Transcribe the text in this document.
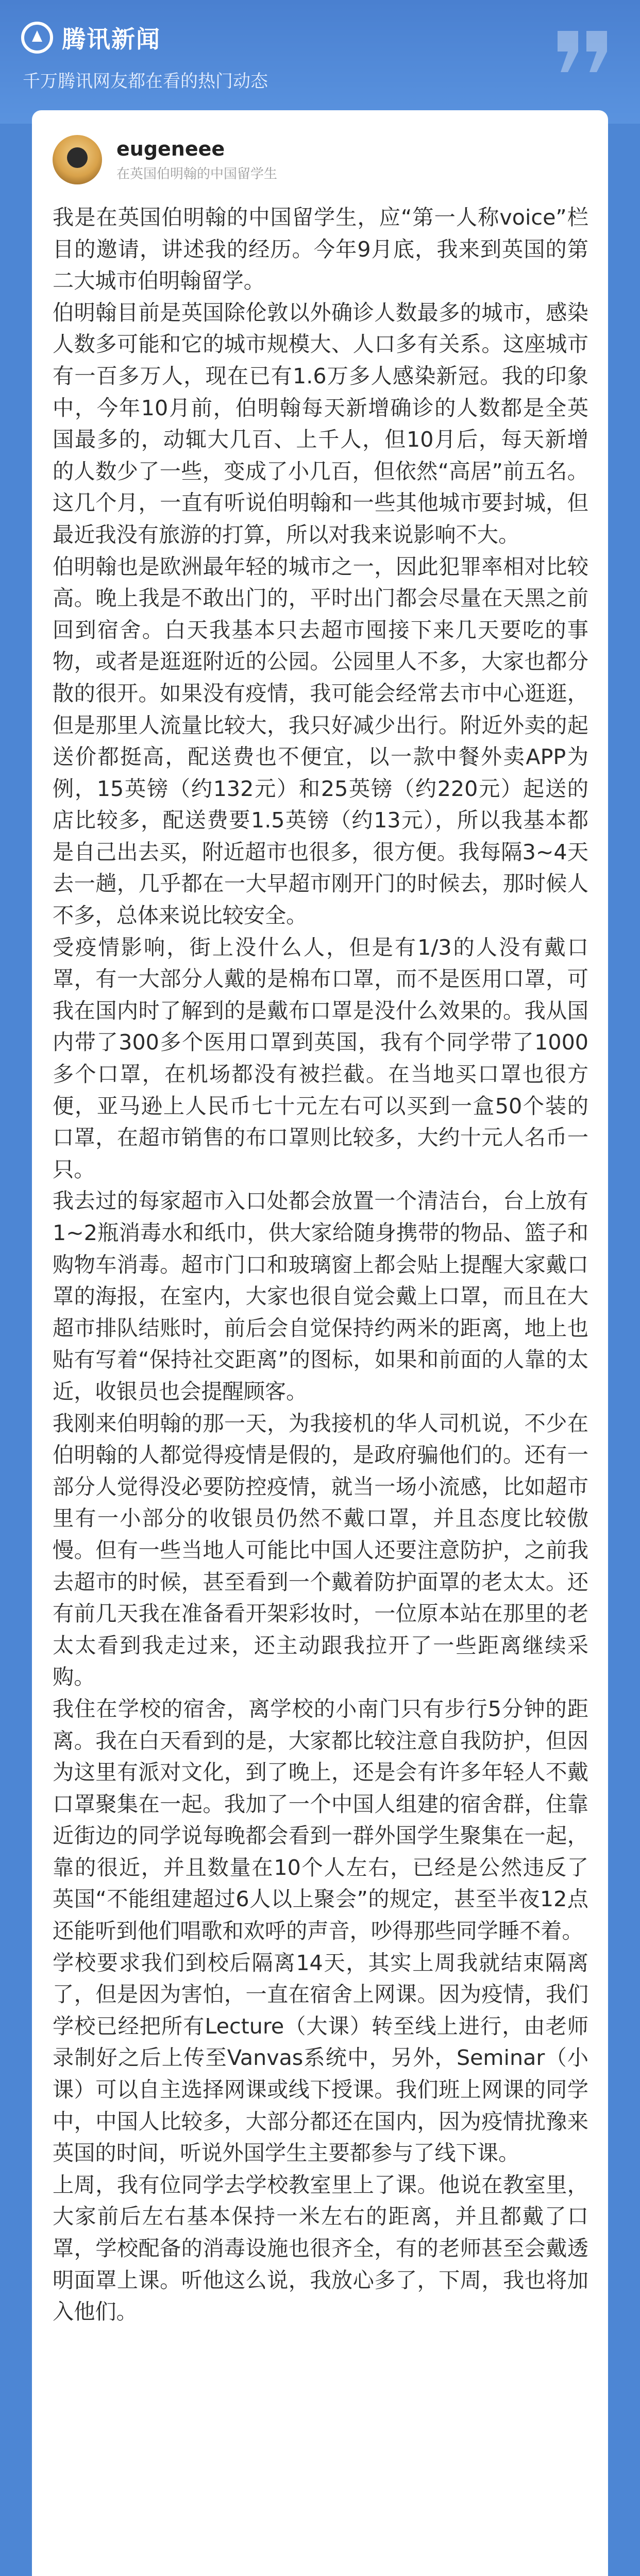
腾讯新闻
千万腾讯网友都在看的热门动态
eugeneee
在英国伯明翰的中国留学生

我是在英国伯明翰的中国留学生，应“第一人称voice”栏目的邀请，讲述我的经历。今年9月底，我来到英国的第二大城市伯明翰留学。

伯明翰目前是英国除伦敦以外确诊人数最多的城市，感染人数多可能和它的城市规模大、人口多有关系。这座城市有一百多万人，现在已有1.6万多人感染新冠。我的印象中，今年10月前，伯明翰每天新增确诊的人数都是全英国最多的，动辄大几百、上千人，但10月后，每天新增的人数少了一些，变成了小几百，但依然“高居”前五名。这几个月，一直有听说伯明翰和一些其他城市要封城，但最近我没有旅游的打算，所以对我来说影响不大。

伯明翰也是欧洲最年轻的城市之一，因此犯罪率相对比较高。晚上我是不敢出门的，平时出门都会尽量在天黑之前回到宿舍。白天我基本只去超市囤接下来几天要吃的事物，或者是逛逛附近的公园。公园里人不多，大家也都分散的很开。如果没有疫情，我可能会经常去市中心逛逛，但是那里人流量比较大，我只好减少出行。附近外卖的起送价都挺高，配送费也不便宜，以一款中餐外卖APP为例，15英镑（约132元）和25英镑（约220元）起送的店比较多，配送费要1.5英镑（约13元），所以我基本都是自己出去买，附近超市也很多，很方便。我每隔3~4天去一趟，几乎都在一大早超市刚开门的时候去，那时候人不多，总体来说比较安全。

受疫情影响，街上没什么人，但是有1/3的人没有戴口罩，有一大部分人戴的是棉布口罩，而不是医用口罩，可我在国内时了解到的是戴布口罩是没什么效果的。我从国内带了300多个医用口罩到英国，我有个同学带了1000多个口罩，在机场都没有被拦截。在当地买口罩也很方便，亚马逊上人民币七十元左右可以买到一盒50个装的口罩，在超市销售的布口罩则比较多，大约十元人名币一只。

我去过的每家超市入口处都会放置一个清洁台，台上放有1~2瓶消毒水和纸巾，供大家给随身携带的物品、篮子和购物车消毒。超市门口和玻璃窗上都会贴上提醒大家戴口罩的海报，在室内，大家也很自觉会戴上口罩，而且在大超市排队结账时，前后会自觉保持约两米的距离，地上也贴有写着“保持社交距离”的图标，如果和前面的人靠的太近，收银员也会提醒顾客。

我刚来伯明翰的那一天，为我接机的华人司机说，不少在伯明翰的人都觉得疫情是假的，是政府骗他们的。还有一部分人觉得没必要防控疫情，就当一场小流感，比如超市里有一小部分的收银员仍然不戴口罩，并且态度比较傲慢。但有一些当地人可能比中国人还要注意防护，之前我去超市的时候，甚至看到一个戴着防护面罩的老太太。还有前几天我在准备看开架彩妆时，一位原本站在那里的老太太看到我走过来，还主动跟我拉开了一些距离继续采购。

我住在学校的宿舍，离学校的小南门只有步行5分钟的距离。我在白天看到的是，大家都比较注意自我防护，但因为这里有派对文化，到了晚上，还是会有许多年轻人不戴口罩聚集在一起。我加了一个中国人组建的宿舍群，住靠近街边的同学说每晚都会看到一群外国学生聚集在一起，靠的很近，并且数量在10个人左右，已经是公然违反了英国“不能组建超过6人以上聚会”的规定，甚至半夜12点还能听到他们唱歌和欢呼的声音，吵得那些同学睡不着。

学校要求我们到校后隔离14天，其实上周我就结束隔离了，但是因为害怕，一直在宿舍上网课。因为疫情，我们学校已经把所有Lecture（大课）转至线上进行，由老师录制好之后上传至Vanvas系统中，另外，Seminar（小课）可以自主选择网课或线下授课。我们班上网课的同学中，中国人比较多，大部分都还在国内，因为疫情扰豫来英国的时间，听说外国学生主要都参与了线下课。

上周，我有位同学去学校教室里上了课。他说在教室里，大家前后左右基本保持一米左右的距离，并且都戴了口罩，学校配备的消毒设施也很齐全，有的老师甚至会戴透明面罩上课。听他这么说，我放心多了，下周，我也将加入他们。
